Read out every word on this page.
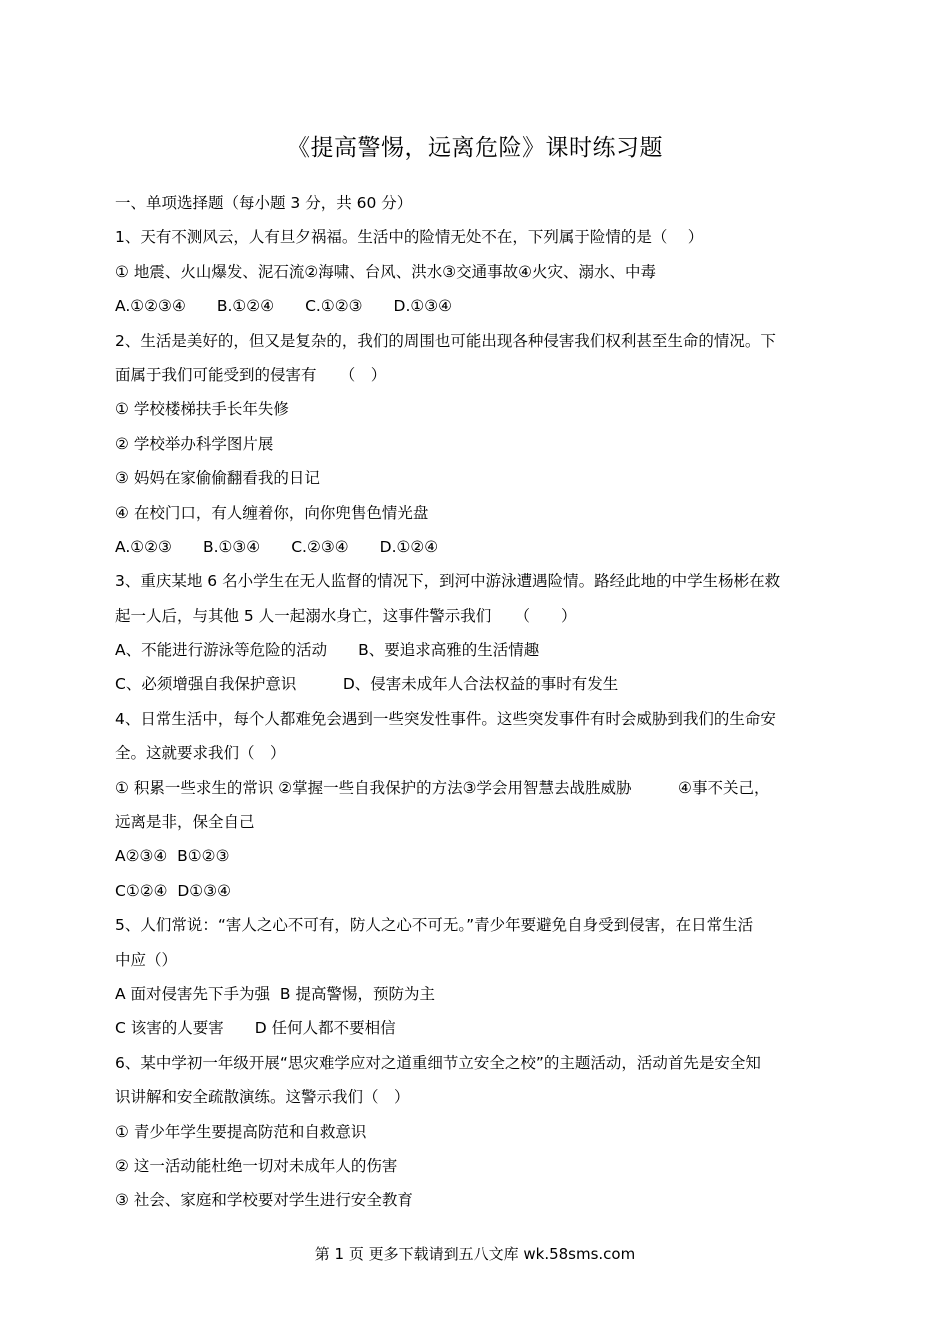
《提高警惕，远离危险》课时练习题
一、单项选择题（每小题 3 分，共 60 分）
1、天有不测风云，人有旦夕祸福。生活中的险情无处不在，下列属于险情的是（　 ）
① 地震、火山爆发、泥石流②海啸、台风、洪水③交通事故④火灾、溺水、中毒
A.①②③④　　B.①②④　　C.①②③　　D.①③④
2、生活是美好的，但又是复杂的，我们的周围也可能出现各种侵害我们权利甚至生命的情况。下
面属于我们可能受到的侵害有　　（　）
① 学校楼梯扶手长年失修
② 学校举办科学图片展
③ 妈妈在家偷偷翻看我的日记
④ 在校门口，有人缠着你，向你兜售色情光盘
A.①②③　　B.①③④　　C.②③④　　D.①②④
3、重庆某地 6 名小学生在无人监督的情况下，到河中游泳遭遇险情。路经此地的中学生杨彬在救
起一人后，与其他 5 人一起溺水身亡，这事件警示我们　　（　　）
A、不能进行游泳等危险的活动　　B、要追求高雅的生活情趣
C、必须增强自我保护意识　　　D、侵害未成年人合法权益的事时有发生
4、日常生活中，每个人都难免会遇到一些突发性事件。这些突发事件有时会威胁到我们的生命安
全。这就要求我们（　）
① 积累一些求生的常识 ②掌握一些自我保护的方法③学会用智慧去战胜威胁　　　④事不关己，
远离是非，保全自己
A②③④  B①②③
C①②④  D①③④
5、人们常说：“害人之心不可有，防人之心不可无。”青少年要避免自身受到侵害，在日常生活
中应（）
A 面对侵害先下手为强  B 提高警惕，预防为主
C 该害的人要害　　D 任何人都不要相信
6、某中学初一年级开展“思灾难学应对之道重细节立安全之校”的主题活动，活动首先是安全知
识讲解和安全疏散演练。这警示我们（　）
① 青少年学生要提高防范和自救意识
② 这一活动能杜绝一切对未成年人的伤害
③ 社会、家庭和学校要对学生进行安全教育
第 1 页 更多下载请到五八文库 wk.58sms.com
